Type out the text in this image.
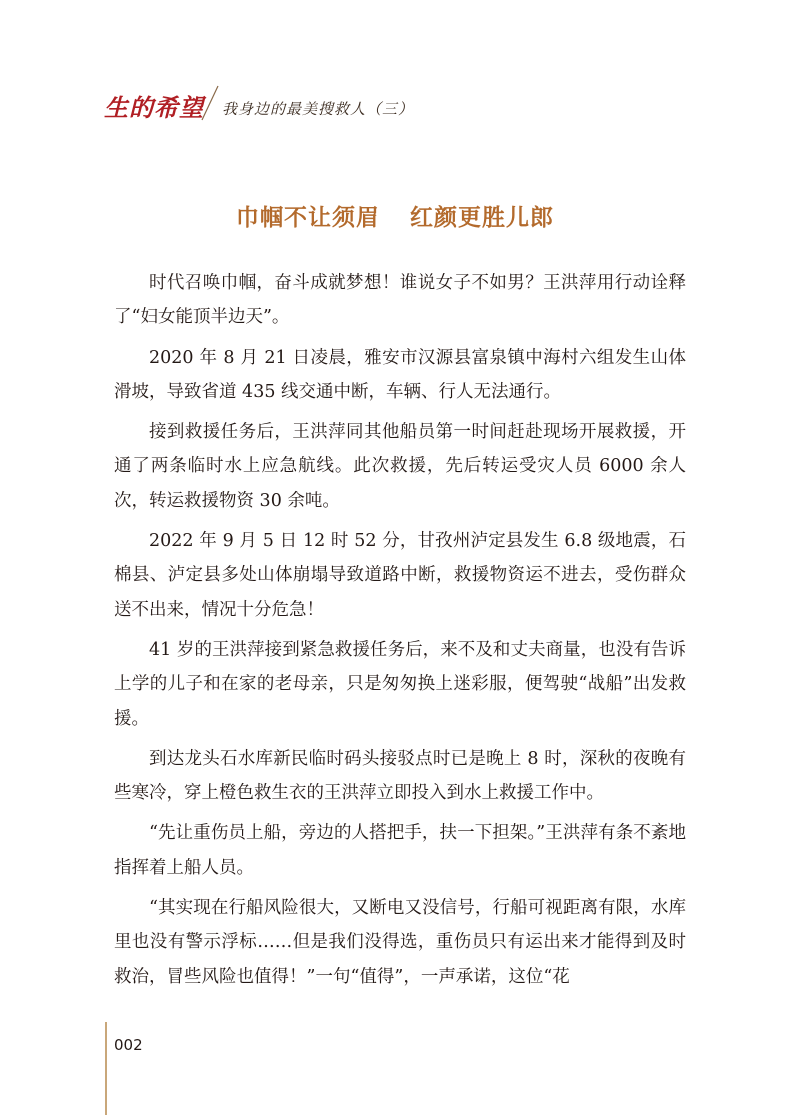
生的希望 我身边的最美搜救人（三）
巾帼不让须眉 红颜更胜儿郎

时代召唤巾帼，奋斗成就梦想！谁说女子不如男？王洪萍用行动诠释了“妇女能顶半边天”。

2020 年 8 月 21 日凌晨，雅安市汉源县富泉镇中海村六组发生山体滑坡，导致省道 435 线交通中断，车辆、行人无法通行。

接到救援任务后，王洪萍同其他船员第一时间赶赴现场开展救援，开通了两条临时水上应急航线。此次救援，先后转运受灾人员 6000 余人次，转运救援物资 30 余吨。

2022 年 9 月 5 日 12 时 52 分，甘孜州泸定县发生 6.8 级地震，石棉县、泸定县多处山体崩塌导致道路中断，救援物资运不进去，受伤群众送不出来，情况十分危急！

41 岁的王洪萍接到紧急救援任务后，来不及和丈夫商量，也没有告诉上学的儿子和在家的老母亲，只是匆匆换上迷彩服，便驾驶“战船”出发救援。

到达龙头石水库新民临时码头接驳点时已是晚上 8 时，深秋的夜晚有些寒冷，穿上橙色救生衣的王洪萍立即投入到水上救援工作中。

“先让重伤员上船，旁边的人搭把手，扶一下担架。”王洪萍有条不紊地指挥着上船人员。

“其实现在行船风险很大，又断电又没信号，行船可视距离有限，水库里也没有警示浮标……但是我们没得选，重伤员只有运出来才能得到及时救治，冒些风险也值得！”一句“值得”，一声承诺，这位“花

002
